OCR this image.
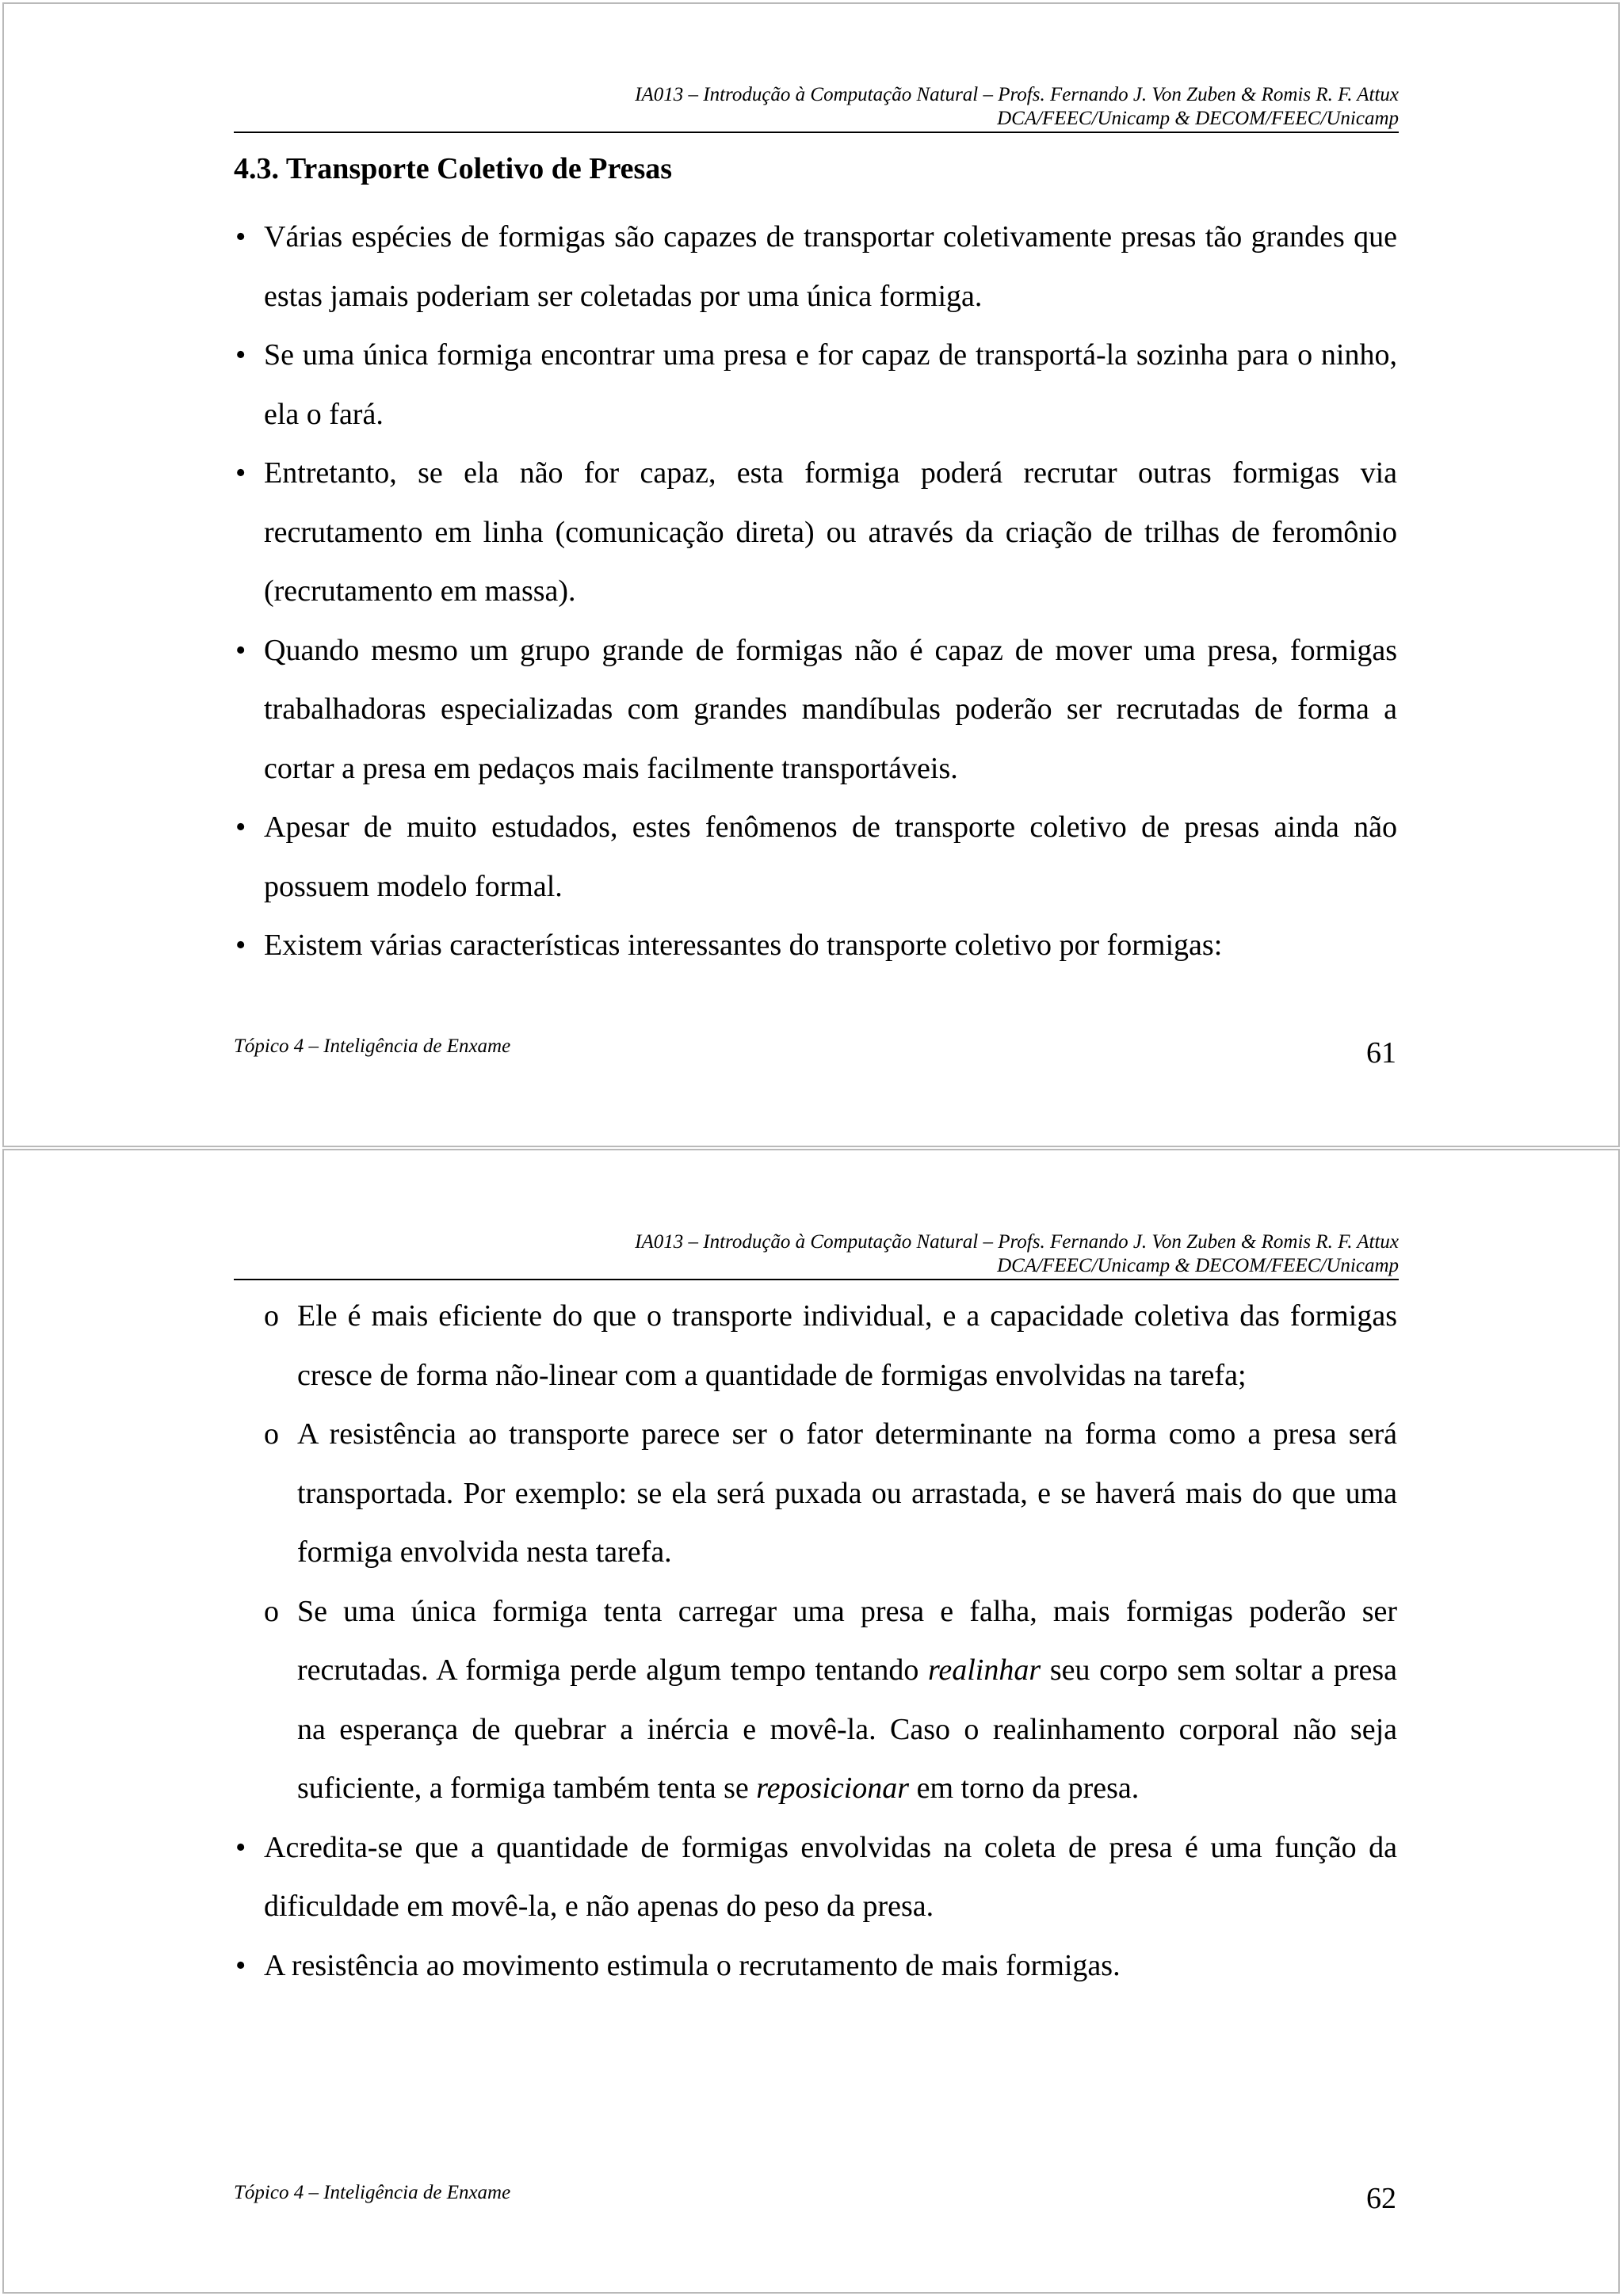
IA013 – Introdução à Computação Natural – Profs. Fernando J. Von Zuben & Romis R. F. Attux
DCA/FEEC/Unicamp & DECOM/FEEC/Unicamp
4.3. Transporte Coletivo de Presas
• Várias espécies de formigas são capazes de transportar coletivamente presas tão grandes que estas jamais poderiam ser coletadas por uma única formiga.
• Se uma única formiga encontrar uma presa e for capaz de transportá-la sozinha para o ninho, ela o fará.
• Entretanto, se ela não for capaz, esta formiga poderá recrutar outras formigas via recrutamento em linha (comunicação direta) ou através da criação de trilhas de feromônio (recrutamento em massa).
• Quando mesmo um grupo grande de formigas não é capaz de mover uma presa, formigas trabalhadoras especializadas com grandes mandíbulas poderão ser recrutadas de forma a cortar a presa em pedaços mais facilmente transportáveis.
• Apesar de muito estudados, estes fenômenos de transporte coletivo de presas ainda não possuem modelo formal.
• Existem várias características interessantes do transporte coletivo por formigas:
Tópico 4 – Inteligência de Enxame	61
IA013 – Introdução à Computação Natural – Profs. Fernando J. Von Zuben & Romis R. F. Attux
DCA/FEEC/Unicamp & DECOM/FEEC/Unicamp
o Ele é mais eficiente do que o transporte individual, e a capacidade coletiva das formigas cresce de forma não-linear com a quantidade de formigas envolvidas na tarefa;
o A resistência ao transporte parece ser o fator determinante na forma como a presa será transportada. Por exemplo: se ela será puxada ou arrastada, e se haverá mais do que uma formiga envolvida nesta tarefa.
o Se uma única formiga tenta carregar uma presa e falha, mais formigas poderão ser recrutadas. A formiga perde algum tempo tentando realinhar seu corpo sem soltar a presa na esperança de quebrar a inércia e movê-la. Caso o realinhamento corporal não seja suficiente, a formiga também tenta se reposicionar em torno da presa.
• Acredita-se que a quantidade de formigas envolvidas na coleta de presa é uma função da dificuldade em movê-la, e não apenas do peso da presa.
• A resistência ao movimento estimula o recrutamento de mais formigas.
Tópico 4 – Inteligência de Enxame	62
